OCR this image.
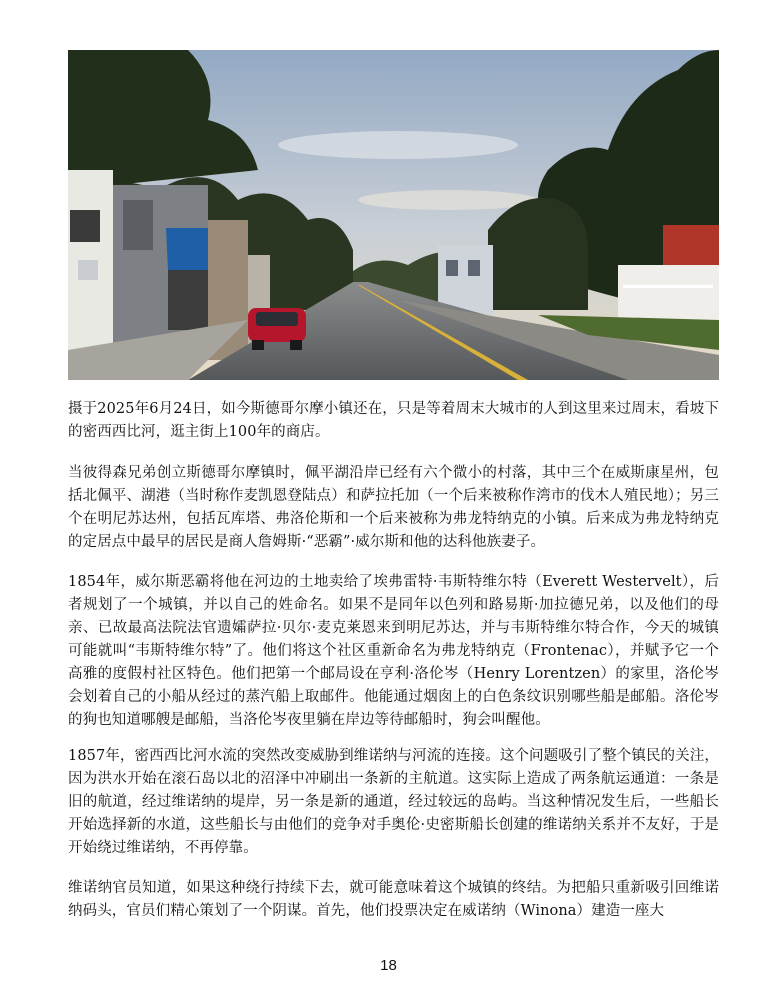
摄于2025年6月24日，如今斯德哥尔摩小镇还在，只是等着周末大城市的人到这里来过周末，看坡下的密西西比河，逛主街上100年的商店。
当彼得森兄弟创立斯德哥尔摩镇时，佩平湖沿岸已经有六个微小的村落，其中三个在威斯康星州，包括北佩平、湖港（当时称作麦凯恩登陆点）和萨拉托加（一个后来被称作湾市的伐木人殖民地）；另三个在明尼苏达州，包括瓦库塔、弗洛伦斯和一个后来被称为弗龙特纳克的小镇。后来成为弗龙特纳克的定居点中最早的居民是商人詹姆斯·“恶霸”·威尔斯和他的达科他族妻子。
1854年，威尔斯恶霸将他在河边的土地卖给了埃弗雷特·韦斯特维尔特（Everett Westervelt），后者规划了一个城镇，并以自己的姓命名。如果不是同年以色列和路易斯·加拉德兄弟，以及他们的母亲、已故最高法院法官遗孀萨拉·贝尔·麦克莱恩来到明尼苏达，并与韦斯特维尔特合作，今天的城镇可能就叫“韦斯特维尔特”了。他们将这个社区重新命名为弗龙特纳克（Frontenac），并赋予它一个高雅的度假村社区特色。他们把第一个邮局设在亨利·洛伦岑（Henry Lorentzen）的家里，洛伦岑会划着自己的小船从经过的蒸汽船上取邮件。他能通过烟囱上的白色条纹识别哪些船是邮船。洛伦岑的狗也知道哪艘是邮船，当洛伦岑夜里躺在岸边等待邮船时，狗会叫醒他。
1857年，密西西比河水流的突然改变威胁到维诺纳与河流的连接。这个问题吸引了整个镇民的关注，因为洪水开始在滚石岛以北的沼泽中冲刷出一条新的主航道。这实际上造成了两条航运通道：一条是旧的航道，经过维诺纳的堤岸，另一条是新的通道，经过较远的岛屿。当这种情况发生后，一些船长开始选择新的水道，这些船长与由他们的竞争对手奥伦·史密斯船长创建的维诺纳关系并不友好，于是开始绕过维诺纳，不再停靠。
维诺纳官员知道，如果这种绕行持续下去，就可能意味着这个城镇的终结。为把船只重新吸引回维诺纳码头，官员们精心策划了一个阴谋。首先，他们投票决定在威诺纳（Winona）建造一座大
18
